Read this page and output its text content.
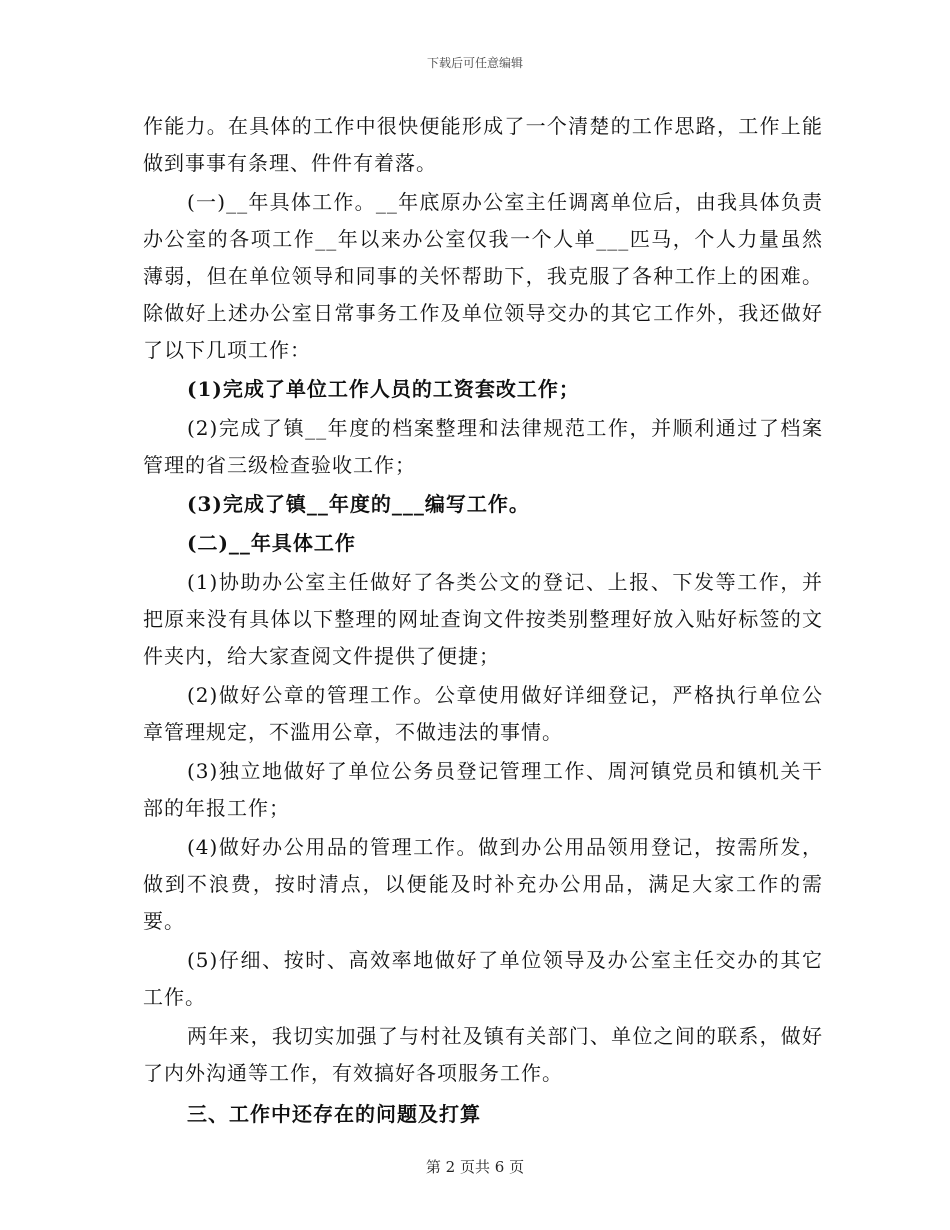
下载后可任意编辑

作能力。在具体的工作中很快便能形成了一个清楚的工作思路，工作上能做到事事有条理、件件有着落。

(一)__年具体工作。__年底原办公室主任调离单位后，由我具体负责办公室的各项工作__年以来办公室仅我一个人单___匹马，个人力量虽然薄弱，但在单位领导和同事的关怀帮助下，我克服了各种工作上的困难。除做好上述办公室日常事务工作及单位领导交办的其它工作外，我还做好了以下几项工作：

(1)完成了单位工作人员的工资套改工作；

(2)完成了镇__年度的档案整理和法律规范工作，并顺利通过了档案管理的省三级检查验收工作；

(3)完成了镇__年度的___编写工作。

(二)__年具体工作

(1)协助办公室主任做好了各类公文的登记、上报、下发等工作，并把原来没有具体以下整理的网址查询文件按类别整理好放入贴好标签的文件夹内，给大家查阅文件提供了便捷；

(2)做好公章的管理工作。公章使用做好详细登记，严格执行单位公章管理规定，不滥用公章，不做违法的事情。

(3)独立地做好了单位公务员登记管理工作、周河镇党员和镇机关干部的年报工作；

(4)做好办公用品的管理工作。做到办公用品领用登记，按需所发，做到不浪费，按时清点，以便能及时补充办公用品，满足大家工作的需要。

(5)仔细、按时、高效率地做好了单位领导及办公室主任交办的其它工作。

两年来，我切实加强了与村社及镇有关部门、单位之间的联系，做好了内外沟通等工作，有效搞好各项服务工作。

三、工作中还存在的问题及打算

第 2 页共 6 页
